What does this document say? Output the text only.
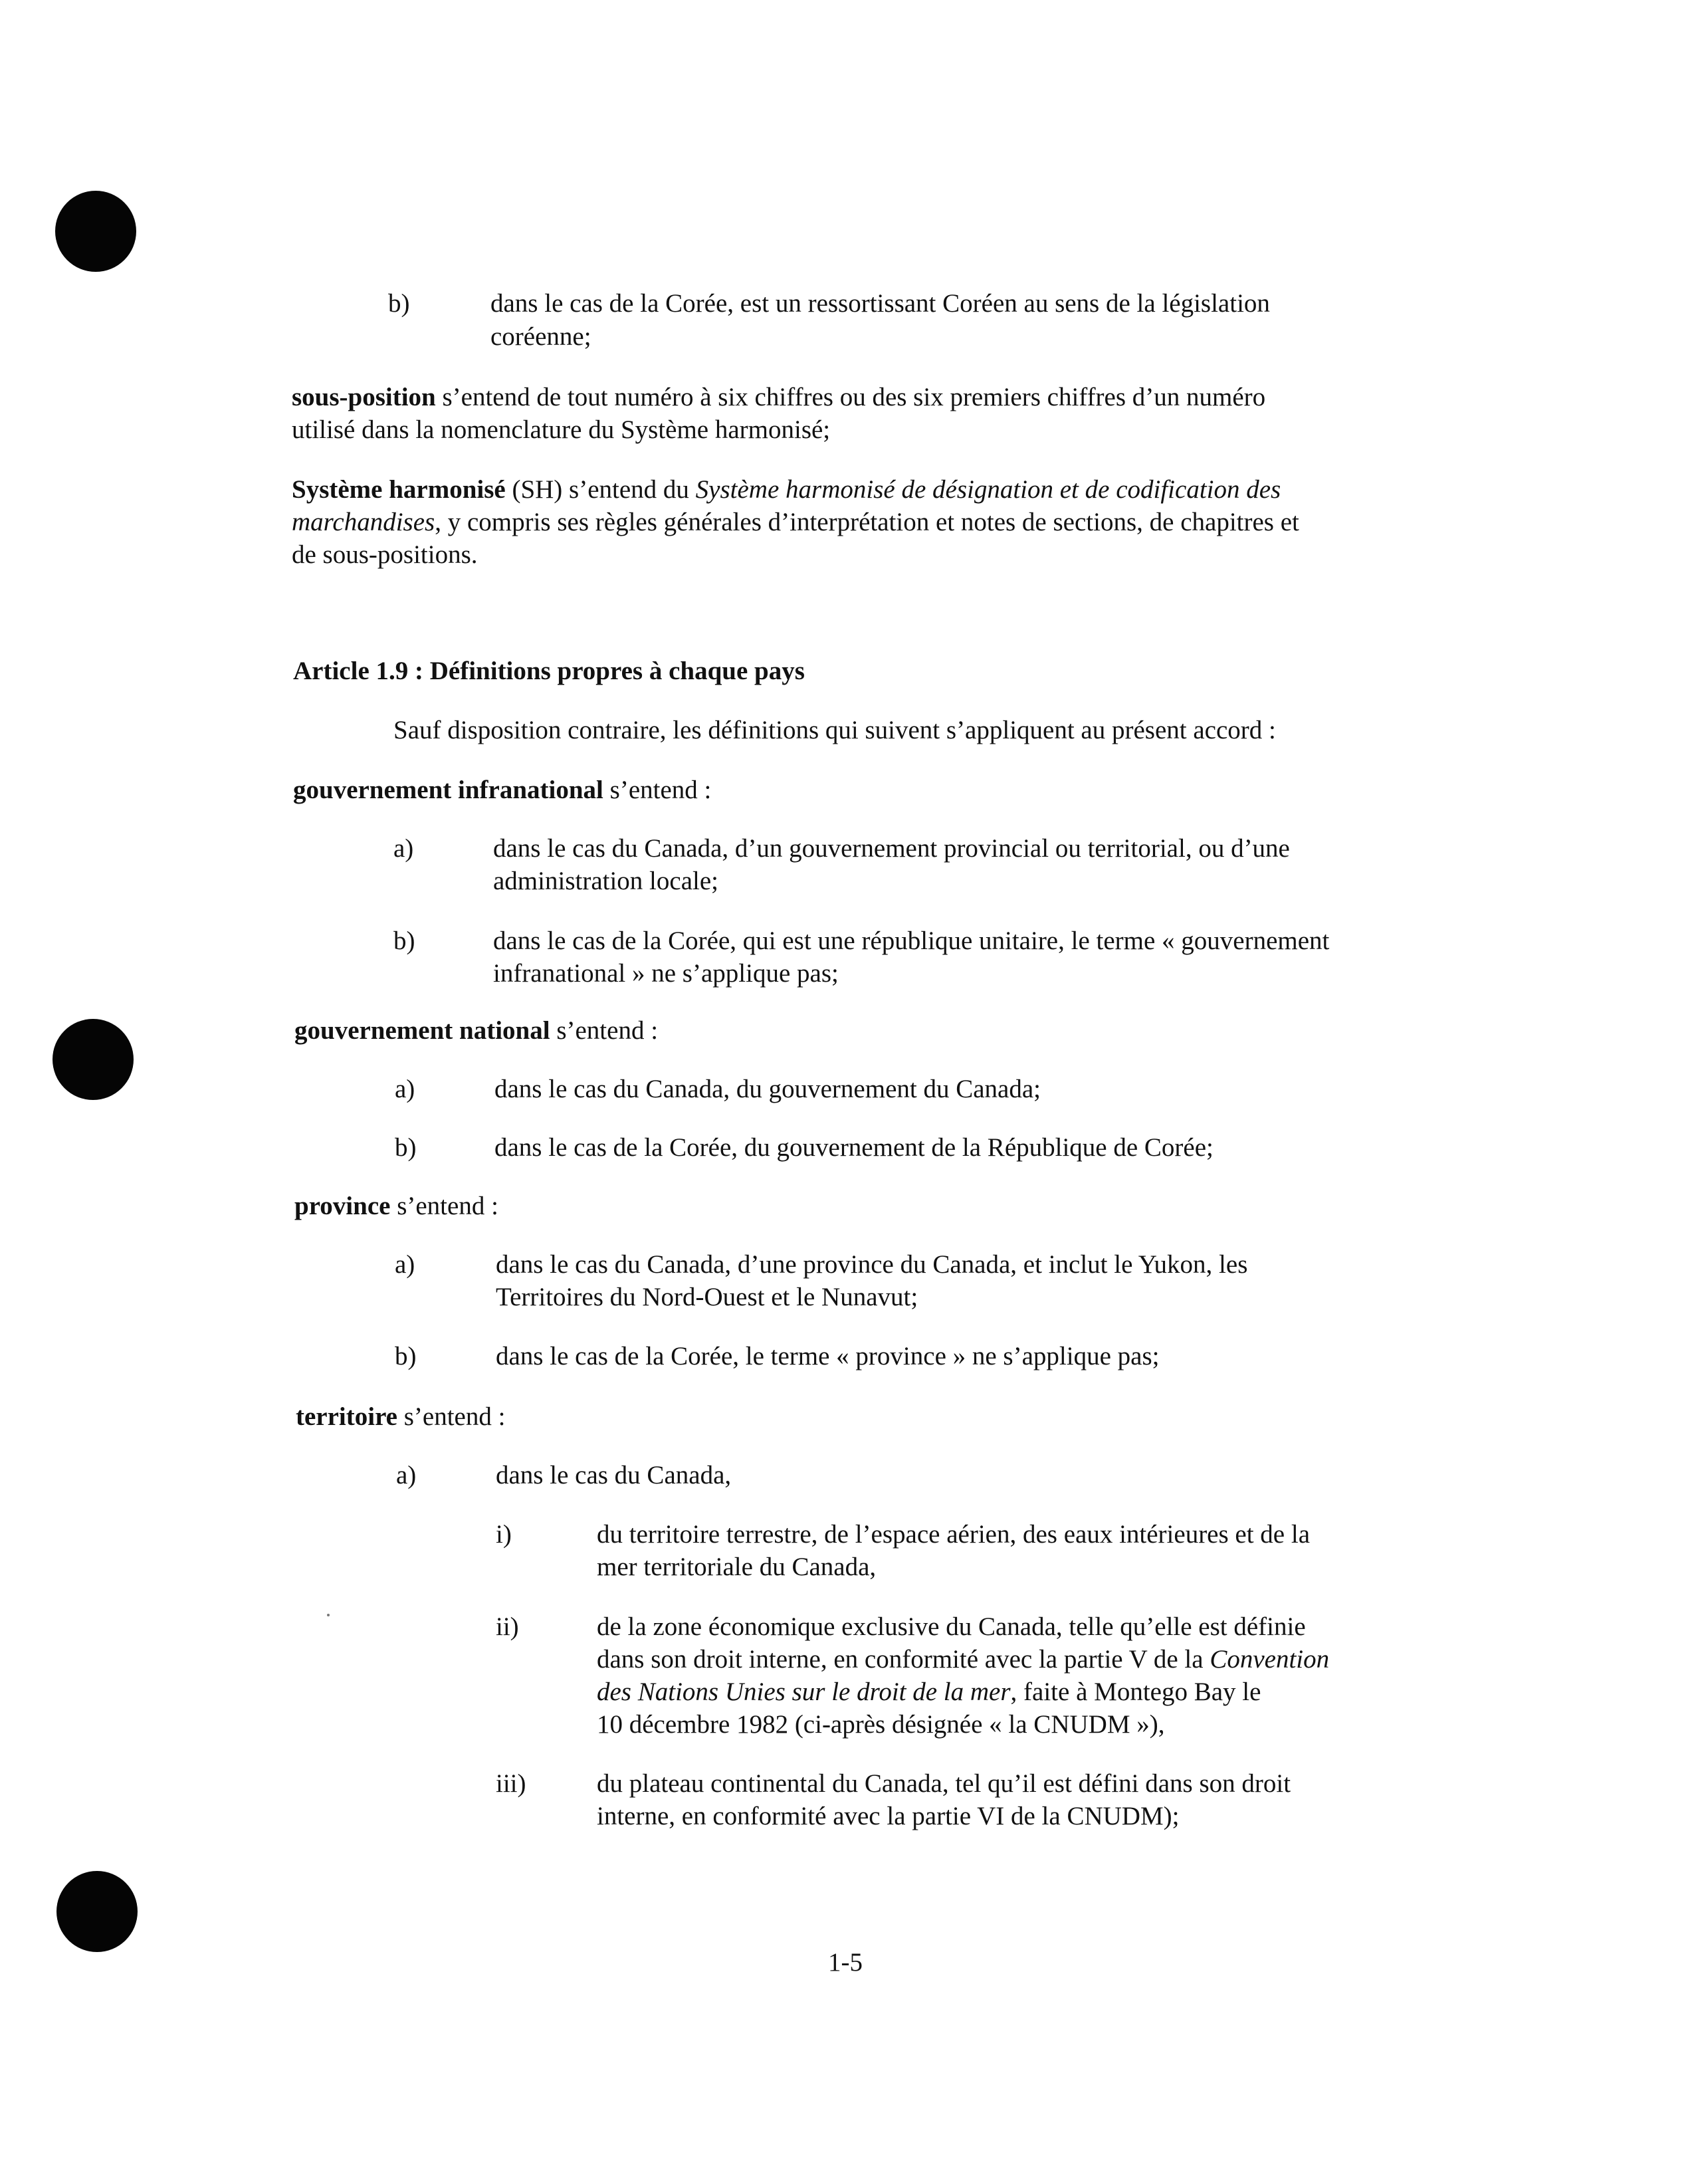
b)	dans le cas de la Corée, est un ressortissant Coréen au sens de la législation
coréenne;
sous-position s’entend de tout numéro à six chiffres ou des six premiers chiffres d’un numéro
utilisé dans la nomenclature du Système harmonisé;
Système harmonisé (SH) s’entend du Système harmonisé de désignation et de codification des
marchandises, y compris ses règles générales d’interprétation et notes de sections, de chapitres et
de sous-positions.
Article 1.9 : Définitions propres à chaque pays
Sauf disposition contraire, les définitions qui suivent s’appliquent au présent accord :
gouvernement infranational s’entend :
a)	dans le cas du Canada, d’un gouvernement provincial ou territorial, ou d’une
administration locale;
b)	dans le cas de la Corée, qui est une république unitaire, le terme « gouvernement
infranational » ne s’applique pas;
gouvernement national s’entend :
a)	dans le cas du Canada, du gouvernement du Canada;
b)	dans le cas de la Corée, du gouvernement de la République de Corée;
province s’entend :
a)	dans le cas du Canada, d’une province du Canada, et inclut le Yukon, les
Territoires du Nord-Ouest et le Nunavut;
b)	dans le cas de la Corée, le terme « province » ne s’applique pas;
territoire s’entend :
a)	dans le cas du Canada,
i)	du territoire terrestre, de l’espace aérien, des eaux intérieures et de la
mer territoriale du Canada,
ii)	de la zone économique exclusive du Canada, telle qu’elle est définie
dans son droit interne, en conformité avec la partie V de la Convention
des Nations Unies sur le droit de la mer, faite à Montego Bay le
10 décembre 1982 (ci-après désignée « la CNUDM »),
iii)	du plateau continental du Canada, tel qu’il est défini dans son droit
interne, en conformité avec la partie VI de la CNUDM);
1-5
